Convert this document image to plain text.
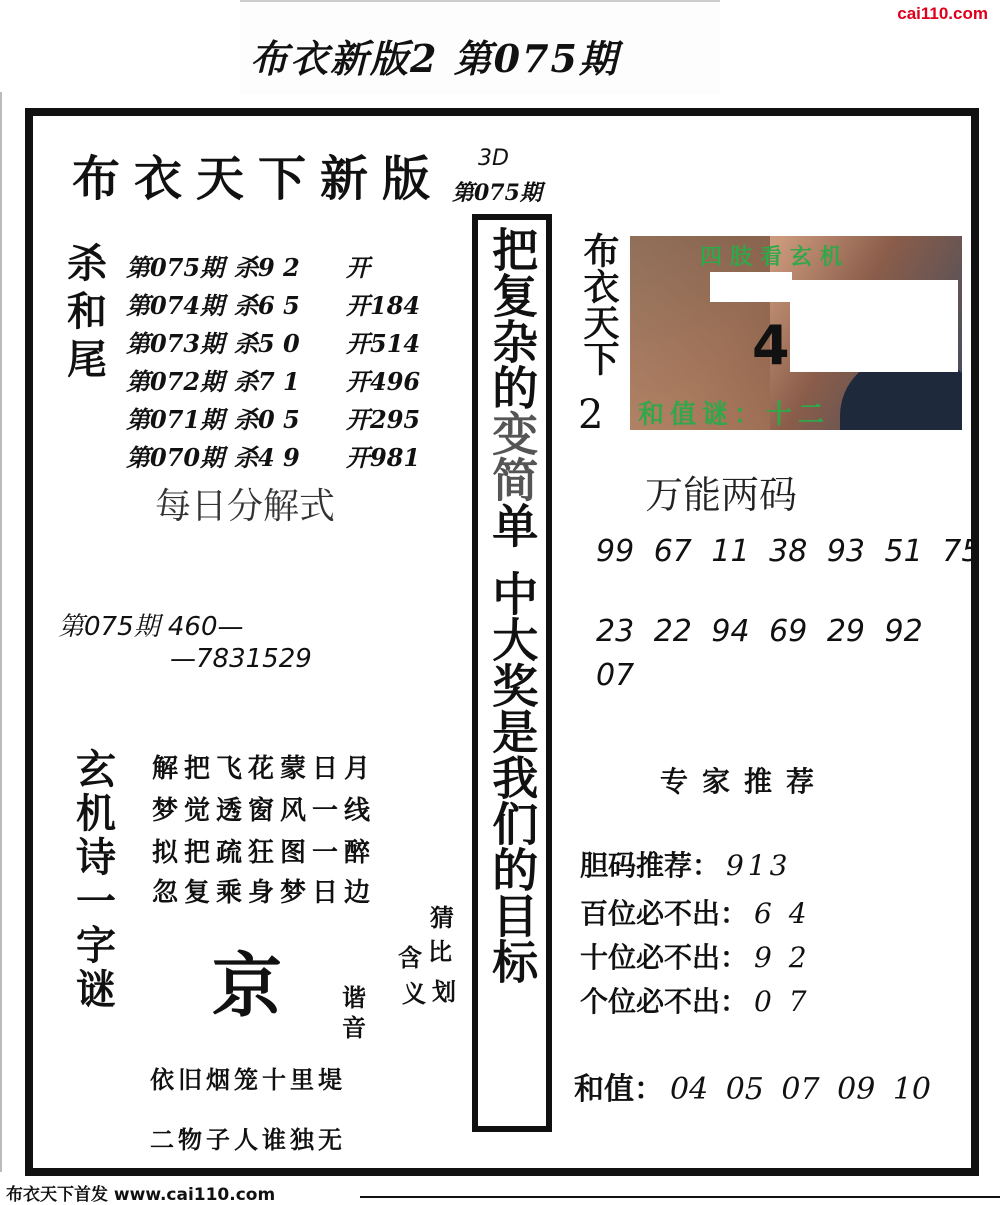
布衣新版2 第075期
cai110.com
布衣天下新版 3D
第075期
杀和尾
第075期 杀9 2 开
第074期 杀6 5 开184
第073期 杀5 0 开514
第072期 杀7 1 开496
第071期 杀0 5 开295
第070期 杀4 9 开981
每日分解式
第075期 460—
—7831529
玄机诗一字谜
解把飞花蒙日月
梦觉透窗风一线
拟把疏狂图一醉
忽复乘身梦日边
京
猜
比
划
含
义
谐
音
依旧烟笼十里堤
二物子人谁独无
把复杂的
变简
单
中大奖是我们的目标
布衣天下
2
四肢看玄机
4
和值谜：十二
万能两码
99 67 11 38 93 51 75
23 22 94 69 29 92
07
专家推荐
胆码推荐： 913
百位必不出： 6 4
十位必不出： 9 2
个位必不出： 0 7
和值： 04 05 07 09 10
布衣天下首发 www.cai110.com
